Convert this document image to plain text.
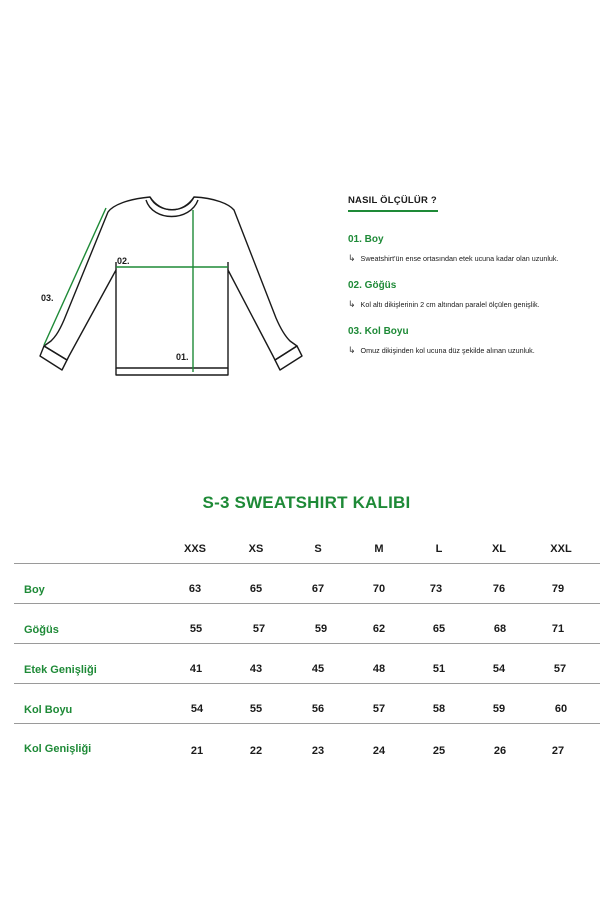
01.
02.
03.
NASIL ÖLÇÜLÜR ?
01. Boy
↳ Sweatshirt'ün ense ortasından etek ucuna kadar olan uzunluk.
02. Göğüs
↳ Kol altı dikişlerinin 2 cm altından paralel ölçülen genişlik.
03. Kol Boyu
↳ Omuz dikişinden kol ucuna düz şekilde alınan uzunluk.
S-3 SWEATSHIRT KALIBI
XXS	XS	S	M	L	XL	XXL
Boy	63	65	67	70	73	76	79
Göğüs	55	57	59	62	65	68	71
Etek Genişliği	41	43	45	48	51	54	57
Kol Boyu	54	55	56	57	58	59	60
Kol Genişliği	21	22	23	24	25	26	27
